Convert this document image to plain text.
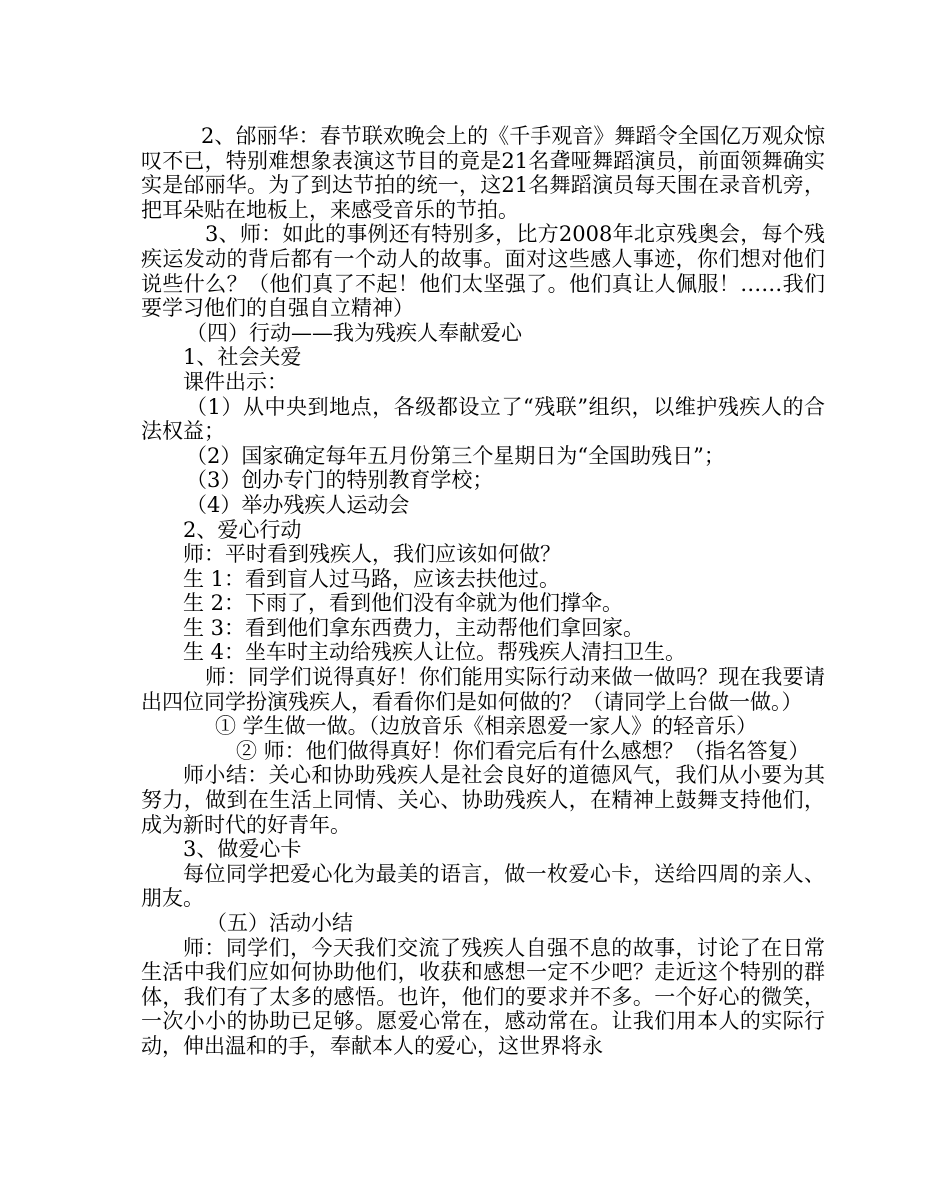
2、邰丽华：春节联欢晚会上的《千手观音》舞蹈令全国亿万观众惊叹不已，特别难想象表演这节目的竟是21名聋哑舞蹈演员，前面领舞确实实是邰丽华。为了到达节拍的统一，这21名舞蹈演员每天围在录音机旁，把耳朵贴在地板上，来感受音乐的节拍。

3、师：如此的事例还有特别多，比方2008年北京残奥会，每个残疾运发动的背后都有一个动人的故事。面对这些感人事迹，你们想对他们说些什么？（他们真了不起！他们太坚强了。他们真让人佩服！……我们要学习他们的自强自立精神）

（四）行动——我为残疾人奉献爱心

1、社会关爱

课件出示：

（1）从中央到地点，各级都设立了“残联”组织，以维护残疾人的合法权益；

（2）国家确定每年五月份第三个星期日为“全国助残日”；

（3）创办专门的特别教育学校；

（4）举办残疾人运动会

2、爱心行动

师：平时看到残疾人，我们应该如何做？

生 1：看到盲人过马路，应该去扶他过。

生 2：下雨了，看到他们没有伞就为他们撑伞。

生 3：看到他们拿东西费力，主动帮他们拿回家。

生 4：坐车时主动给残疾人让位。帮残疾人清扫卫生。

师：同学们说得真好！你们能用实际行动来做一做吗？现在我要请出四位同学扮演残疾人，看看你们是如何做的？（请同学上台做一做。）

① 学生做一做。（边放音乐《相亲恩爱一家人》的轻音乐）

② 师：他们做得真好！你们看完后有什么感想？（指名答复）

师小结：关心和协助残疾人是社会良好的道德风气，我们从小要为其努力，做到在生活上同情、关心、协助残疾人，在精神上鼓舞支持他们，成为新时代的好青年。

3、做爱心卡

每位同学把爱心化为最美的语言，做一枚爱心卡，送给四周的亲人、朋友。

（五）活动小结

师：同学们，今天我们交流了残疾人自强不息的故事，讨论了在日常生活中我们应如何协助他们，收获和感想一定不少吧？走近这个特别的群体，我们有了太多的感悟。也许，他们的要求并不多。一个好心的微笑，一次小小的协助已足够。愿爱心常在，感动常在。让我们用本人的实际行动，伸出温和的手，奉献本人的爱心，这世界将永
